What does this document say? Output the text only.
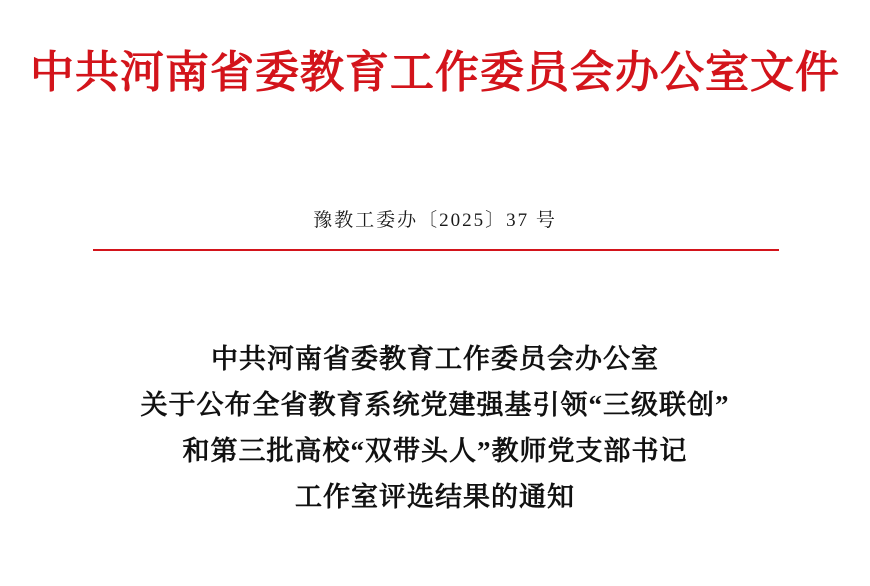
中共河南省委教育工作委员会办公室文件
豫教工委办〔2025〕37 号
中共河南省委教育工作委员会办公室
关于公布全省教育系统党建强基引领“三级联创”
和第三批高校“双带头人”教师党支部书记
工作室评选结果的通知
